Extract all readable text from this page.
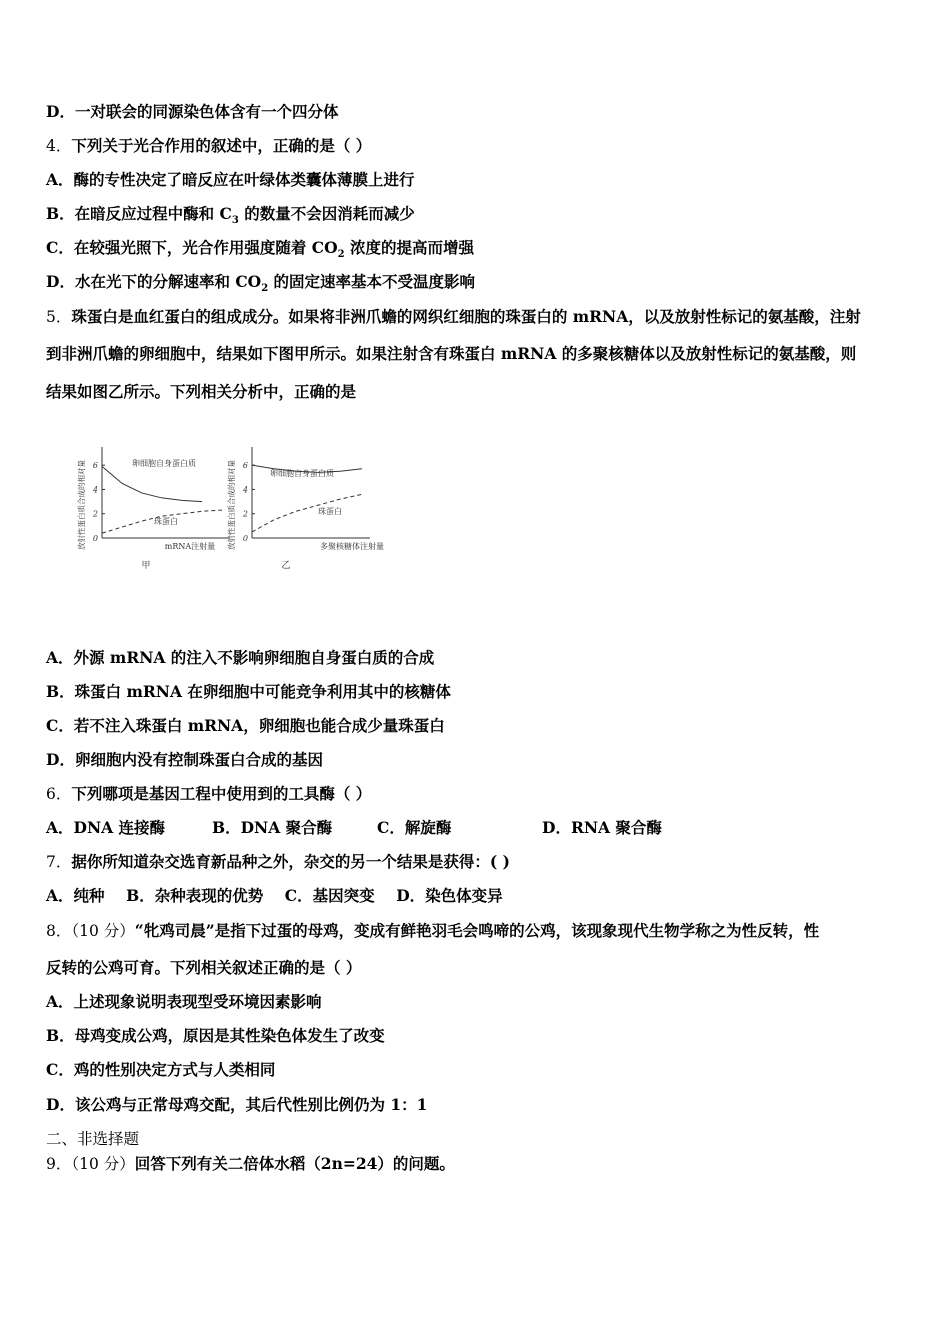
D．一对联会的同源染色体含有一个四分体
4．下列关于光合作用的叙述中，正确的是（ ）
A．酶的专性决定了暗反应在叶绿体类囊体薄膜上进行
B．在暗反应过程中酶和 $C_3$ 的数量不会因消耗而减少
C．在较强光照下，光合作用强度随着 $CO_2$ 浓度的提高而增强
D．水在光下的分解速率和 $CO_2$ 的固定速率基本不受温度影响
5．珠蛋白是血红蛋白的组成成分。如果将非洲爪蟾的网织红细胞的珠蛋白的 mRNA，以及放射性标记的氨基酸，注射
到非洲爪蟾的卵细胞中，结果如下图甲所示。如果注射含有珠蛋白 mRNA 的多聚核糖体以及放射性标记的氨基酸，则
结果如图乙所示。下列相关分析中，正确的是
0
2
4
6
放射性蛋白质合成的相对量	mRNA注射量
甲
卵细胞自身蛋白质
珠蛋白
0
2
4
6
放射性蛋白质合成的相对量	多聚核糖体注射量
乙
卵细胞自身蛋白质
珠蛋白
A．外源 mRNA 的注入不影响卵细胞自身蛋白质的合成
B．珠蛋白 mRNA 在卵细胞中可能竞争利用其中的核糖体
C．若不注入珠蛋白 mRNA，卵细胞也能合成少量珠蛋白
D．卵细胞内没有控制珠蛋白合成的基因
6．下列哪项是基因工程中使用到的工具酶（ ）
A．DNA 连接酶	B．DNA 聚合酶	C．解旋酶	D．RNA 聚合酶
7．据你所知道杂交选育新品种之外，杂交的另一个结果是获得：( )
A．纯种    B．杂种表现的优势    C．基因突变    D．染色体变异
8．（10 分）“牝鸡司晨”是指下过蛋的母鸡，变成有鲜艳羽毛会鸣啼的公鸡，该现象现代生物学称之为性反转，性
反转的公鸡可育。下列相关叙述正确的是（ ）
A．上述现象说明表现型受环境因素影响
B．母鸡变成公鸡，原因是其性染色体发生了改变
C．鸡的性别决定方式与人类相同
D．该公鸡与正常母鸡交配，其后代性别比例仍为 1：1
二、非选择题
9．（10 分）回答下列有关二倍体水稻（2n=24）的问题。
